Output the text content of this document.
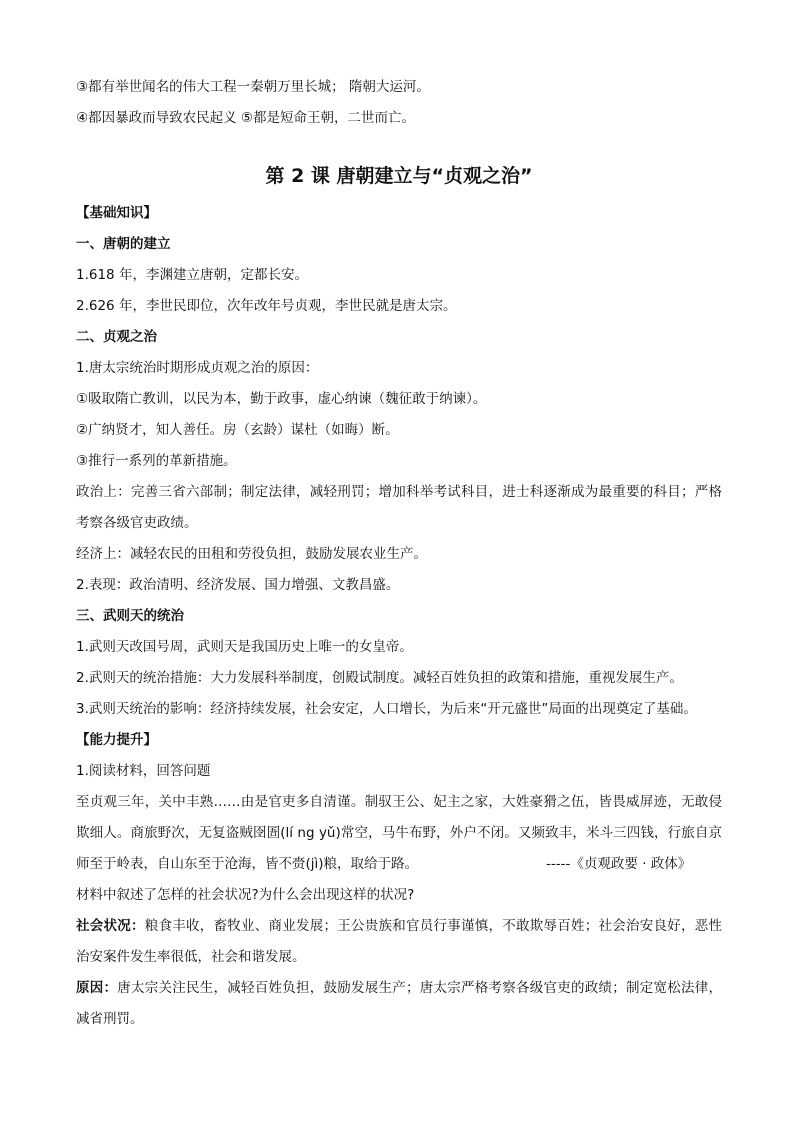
③都有举世闻名的伟大工程一秦朝万里长城； 隋朝大运河。
④都因暴政而导致农民起义 ⑤都是短命王朝，二世而亡。
第 2 课 唐朝建立与“贞观之治”
【基础知识】
一、唐朝的建立
1.618 年，李渊建立唐朝，定都长安。
2.626 年，李世民即位，次年改年号贞观，李世民就是唐太宗。
二、贞观之治
1.唐太宗统治时期形成贞观之治的原因：
①吸取隋亡教训，以民为本，勤于政事，虚心纳谏（魏征敢于纳谏）。
②广纳贤才，知人善任。房（玄龄）谋杜（如晦）断。
③推行一系列的革新措施。
政治上：完善三省六部制；制定法律，减轻刑罚；增加科举考试科目，进士科逐渐成为最重要的科目；严格考察各级官吏政绩。
经济上：减轻农民的田租和劳役负担，鼓励发展农业生产。
2.表现：政治清明、经济发展、国力增强、文教昌盛。
三、武则天的统治
1.武则天改国号周，武则天是我国历史上唯一的女皇帝。
2.武则天的统治措施：大力发展科举制度，创殿试制度。减轻百姓负担的政策和措施，重视发展生产。
3.武则天统治的影响：经济持续发展，社会安定，人口增长，为后来“开元盛世”局面的出现奠定了基础。
【能力提升】
1.阅读材料，回答问题
至贞观三年，关中丰熟……由是官吏多自清谨。制驭王公、妃主之家，大姓豪猾之伍，皆畏威屏迹，无敢侵欺细人。商旅野次，无复盗贼囹圄(lí ng yǔ)常空，马牛布野，外户不闭。又频致丰，米斗三四钱，行旅自京师至于岭表，自山东至于沧海，皆不赍(jì)粮，取给于路。	-----《贞观政要 · 政体》
材料中叙述了怎样的社会状况?为什么会出现这样的状况?
社会状况：粮食丰收，畜牧业、商业发展；王公贵族和官员行事谨慎，不敢欺辱百姓；社会治安良好，恶性治安案件发生率很低，社会和谐发展。
原因：唐太宗关注民生，减轻百姓负担，鼓励发展生产；唐太宗严格考察各级官吏的政绩；制定宽松法律，减省刑罚。
